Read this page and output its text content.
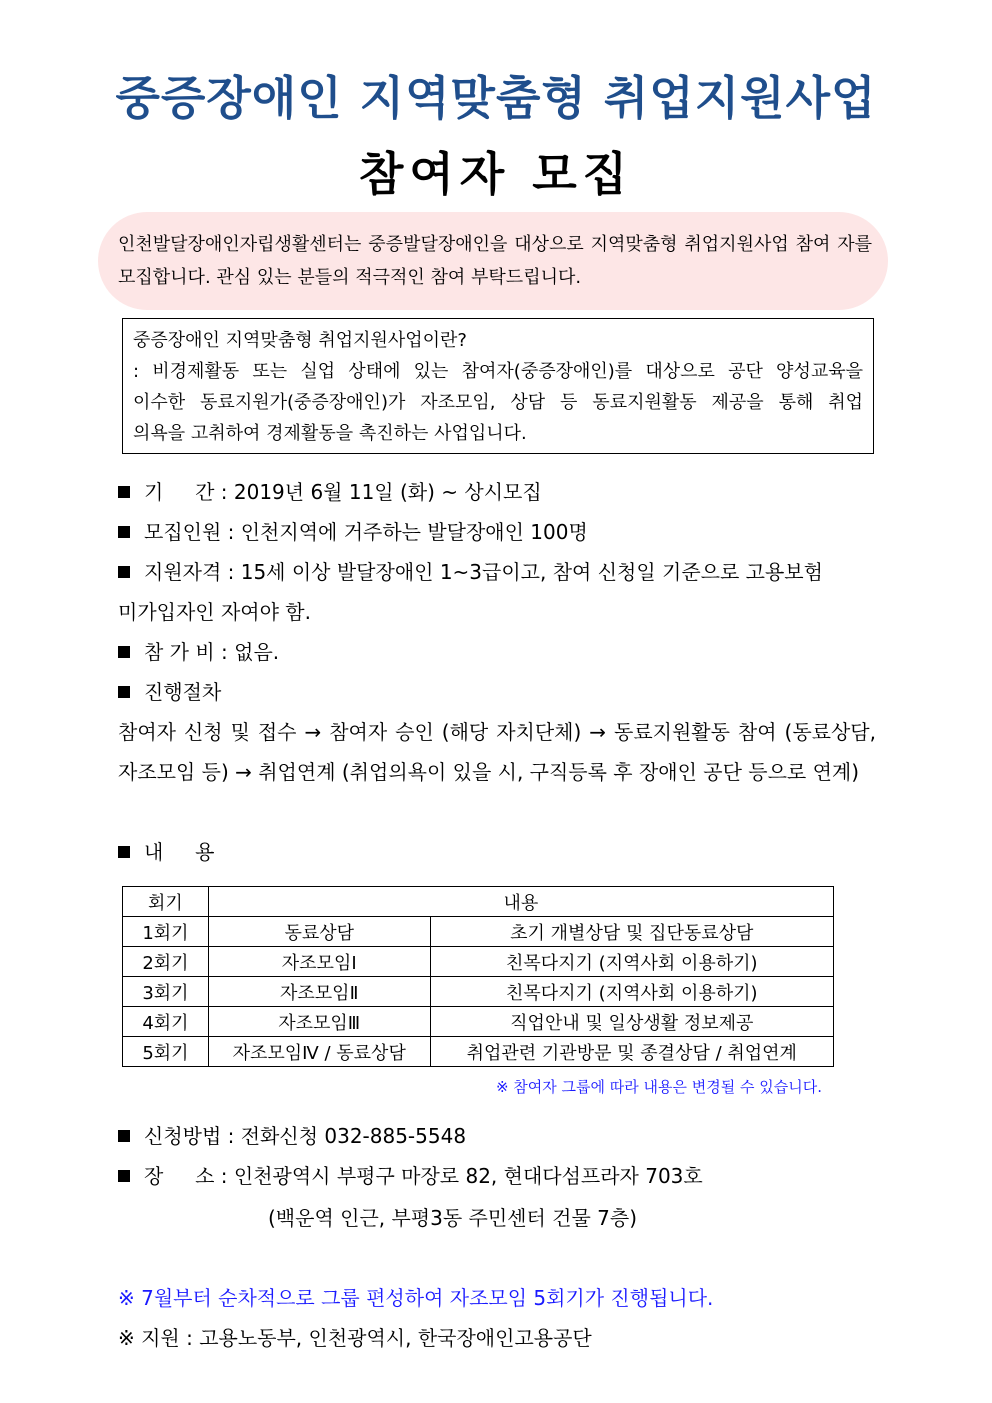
중증장애인 지역맞춤형 취업지원사업
참여자 모집
인천발달장애인자립생활센터는 중증발달장애인을 대상으로 지역맞춤형 취업지원사업 참여 자를 모집합니다. 관심 있는 분들의 적극적인 참여 부탁드립니다.
중증장애인 지역맞춤형 취업지원사업이란?
: 비경제활동 또는 실업 상태에 있는 참여자(중증장애인)를 대상으로 공단 양성교육을
이수한 동료지원가(중증장애인)가 자조모임, 상담 등 동료지원활동 제공을 통해 취업
의욕을 고취하여 경제활동을 촉진하는 사업입니다.
기     간 : 2019년 6월 11일 (화) ~ 상시모집
모집인원 : 인천지역에 거주하는 발달장애인 100명
지원자격 : 15세 이상 발달장애인 1~3급이고, 참여 신청일 기준으로 고용보험
미가입자인 자여야 함.
참 가 비 : 없음.
진행절차
참여자 신청 및 접수 → 참여자 승인 (해당 자치단체) → 동료지원활동 참여 (동료상담, 자조모임 등) → 취업연계 (취업의욕이 있을 시, 구직등록 후 장애인 공단 등으로 연계)
내     용
회기	내용	
1회기	동료상담	초기 개별상담 및 집단동료상담
2회기	자조모임Ⅰ	친목다지기 (지역사회 이용하기)
3회기	자조모임Ⅱ	친목다지기 (지역사회 이용하기)
4회기	자조모임Ⅲ	직업안내 및 일상생활 정보제공
5회기	자조모임Ⅳ / 동료상담	취업관련 기관방문 및 종결상담 / 취업연계
※ 참여자 그룹에 따라 내용은 변경될 수 있습니다.
신청방법 : 전화신청 032-885-5548
장     소 : 인천광역시 부평구 마장로 82, 현대다섬프라자 703호
(백운역 인근, 부평3동 주민센터 건물 7층)
※ 7월부터 순차적으로 그룹 편성하여 자조모임 5회기가 진행됩니다.
※ 지원 : 고용노동부, 인천광역시, 한국장애인고용공단
